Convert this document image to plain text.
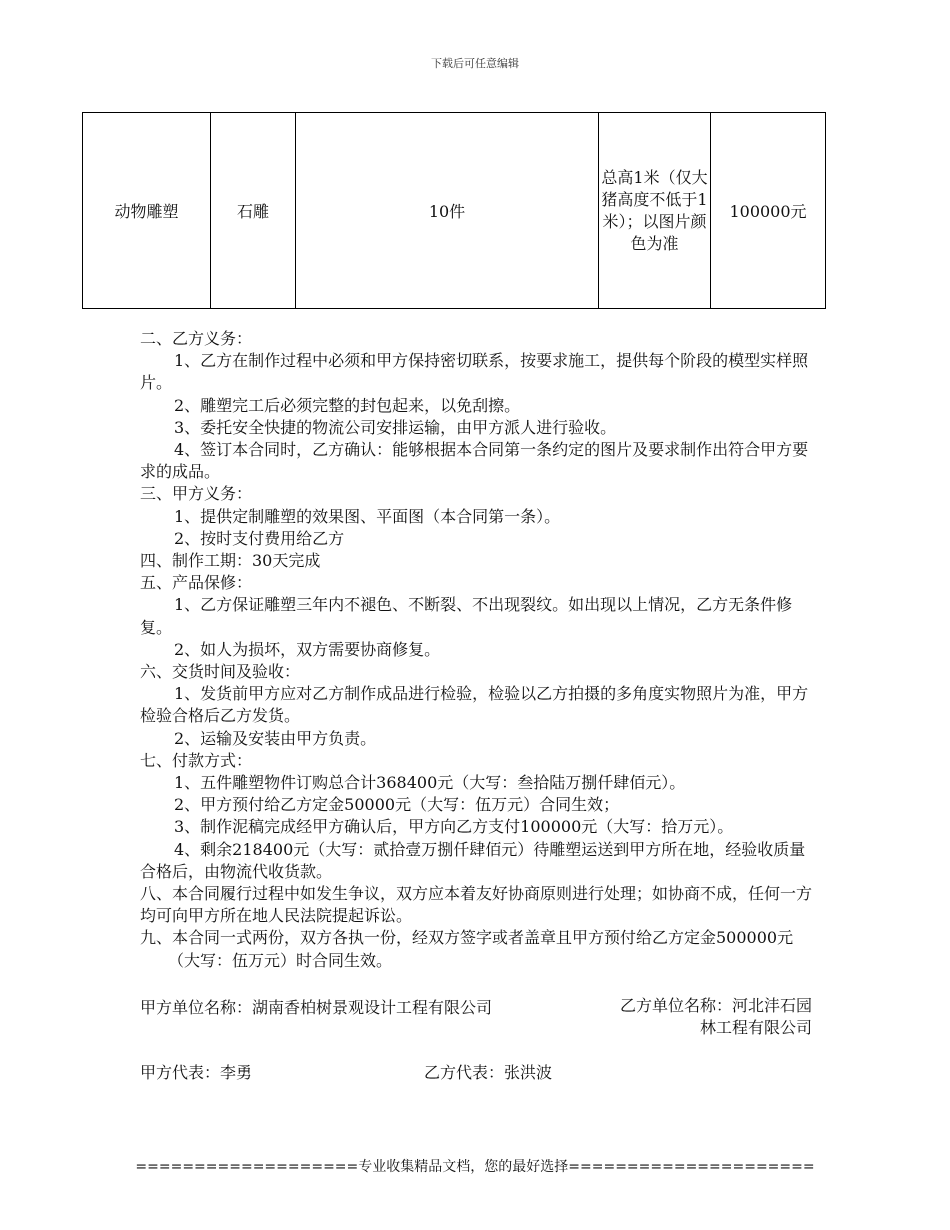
下载后可任意编辑
动物雕塑	石雕	10件	总高1米（仅大猪高度不低于1米）；以图片颜色为准	100000元

二、乙方义务：

1、乙方在制作过程中必须和甲方保持密切联系，按要求施工，提供每个阶段的模型实样照片。

2、雕塑完工后必须完整的封包起来，以免刮擦。

3、委托安全快捷的物流公司安排运输，由甲方派人进行验收。

4、签订本合同时，乙方确认：能够根据本合同第一条约定的图片及要求制作出符合甲方要求的成品。

三、甲方义务：

1、提供定制雕塑的效果图、平面图（本合同第一条）。

2、按时支付费用给乙方

四、制作工期：30天完成

五、产品保修：

1、乙方保证雕塑三年内不褪色、不断裂、不出现裂纹。如出现以上情况，乙方无条件修复。

2、如人为损坏，双方需要协商修复。

六、交货时间及验收：

1、发货前甲方应对乙方制作成品进行检验，检验以乙方拍摄的多角度实物照片为准，甲方检验合格后乙方发货。

2、运输及安装由甲方负责。

七、付款方式：

1、五件雕塑物件订购总合计368400元（大写：叁拾陆万捌仟肆佰元）。

2、甲方预付给乙方定金50000元（大写：伍万元）合同生效；

3、制作泥稿完成经甲方确认后，甲方向乙方支付100000元（大写：拾万元）。

4、剩余218400元（大写：贰拾壹万捌仟肆佰元）待雕塑运送到甲方所在地，经验收质量合格后，由物流代收货款。

八、本合同履行过程中如发生争议，双方应本着友好协商原则进行处理；如协商不成，任何一方均可向甲方所在地人民法院提起诉讼。

九、本合同一式两份，双方各执一份，经双方签字或者盖章且甲方预付给乙方定金500000元（大写：伍万元）时合同生效。

甲方单位名称：湖南香柏树景观设计工程有限公司	乙方单位名称：河北沣石园
林工程有限公司
甲方代表：李勇	乙方代表：张洪波
===================专业收集精品文档，您的最好选择=====================
